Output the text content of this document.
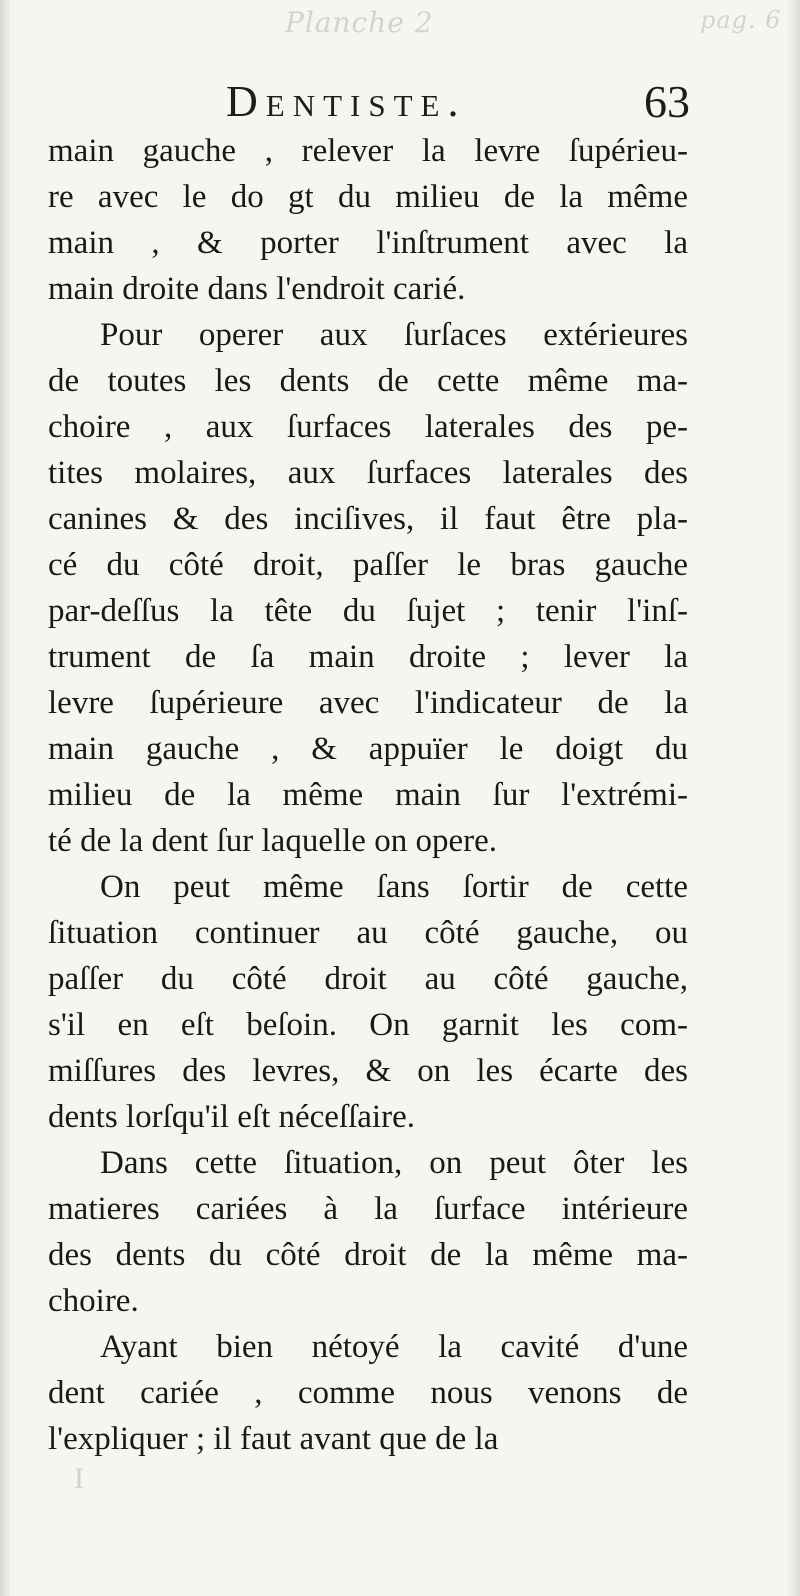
Planche 2	pag. 6
Dentiste.	63
main gauche , relever la levre ſupérieu-
re avec le do gt du milieu de la même
main , & porter l'inſtrument avec la
main droite dans l'endroit carié.
Pour operer aux ſurſaces extérieures
de toutes les dents de cette même ma-
choire , aux ſurfaces laterales des pe-
tites molaires, aux ſurfaces laterales des
canines & des inciſives, il faut être pla-
cé du côté droit, paſſer le bras gauche
par-deſſus la tête du ſujet ; tenir l'inſ-
trument de ſa main droite ; lever la
levre ſupérieure avec l'indicateur de la
main gauche , & appuïer le doigt du
milieu de la même main ſur l'extrémi-
té de la dent ſur laquelle on opere.
On peut même ſans ſortir de cette
ſituation continuer au côté gauche, ou
paſſer du côté droit au côté gauche,
s'il en eſt beſoin. On garnit les com-
miſſures des levres, & on les écarte des
dents lorſqu'il eſt néceſſaire.
Dans cette ſituation, on peut ôter les
matieres cariées à la ſurface intérieure
des dents du côté droit de la même ma-
choire.
Ayant bien nétoyé la cavité d'une
dent cariée , comme nous venons de
l'expliquer ; il faut avant que de la
I
